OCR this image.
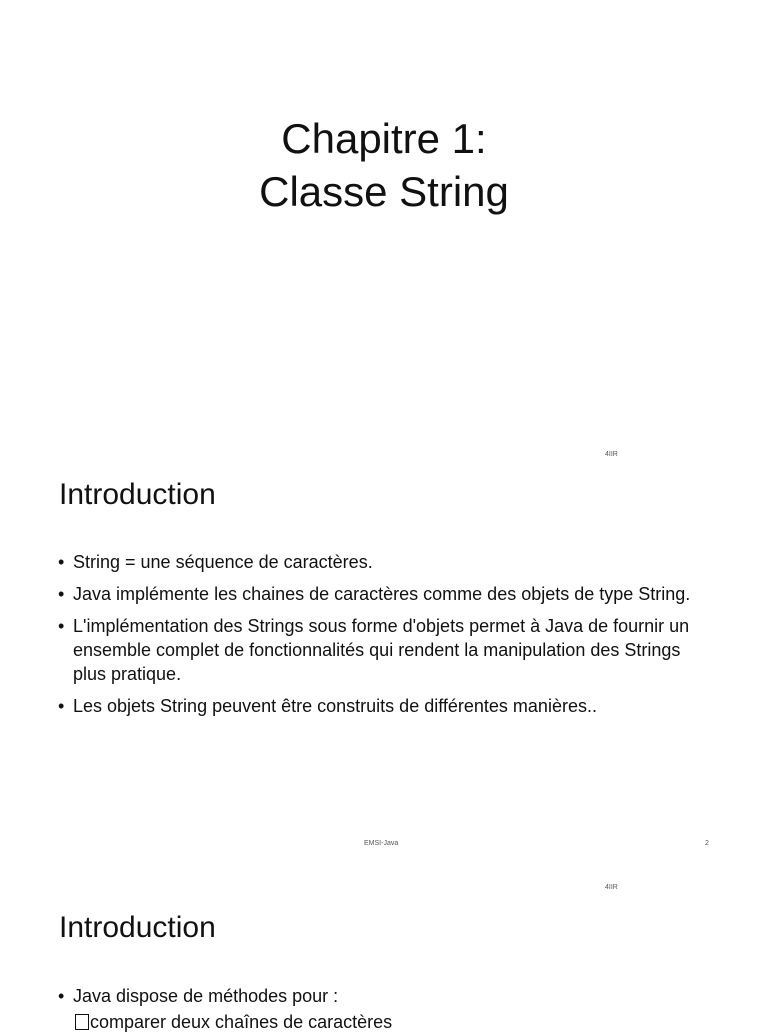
Chapitre 1:
Classe String
4IIR
Introduction
• String = une séquence de caractères.
• Java implémente les chaines de caractères comme des objets de type String.
• L'implémentation des Strings sous forme d'objets permet à Java de fournir un ensemble complet de fonctionnalités qui rendent la manipulation des Strings plus pratique.
• Les objets String peuvent être construits de différentes manières..
EMSI-Java	2
4IIR
Introduction
• Java dispose de méthodes pour :
comparer deux chaînes de caractères
